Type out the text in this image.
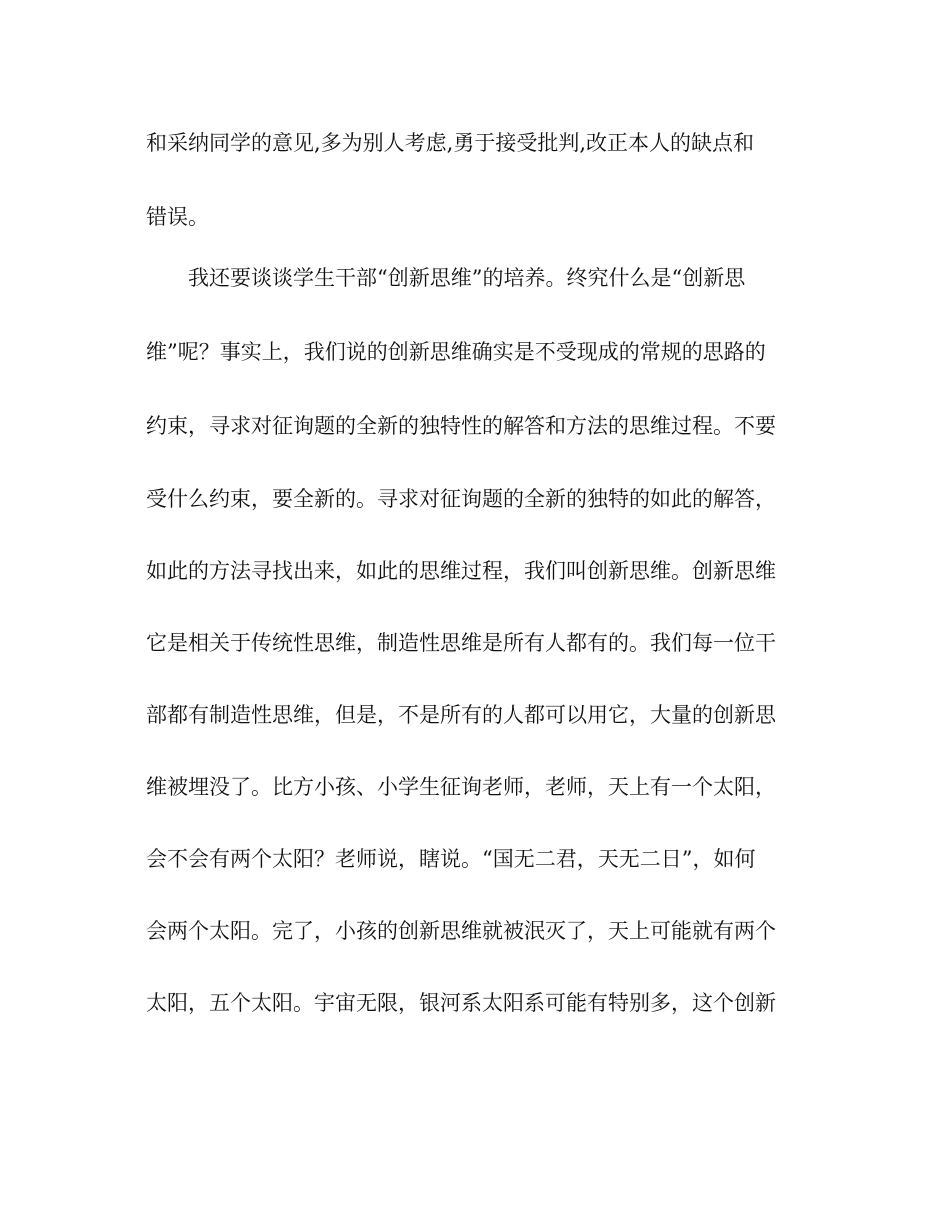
和采纳同学的意见,多为别人考虑,勇于接受批判,改正本人的缺点和

错误。

我还要谈谈学生干部“创新思维”的培养。终究什么是“创新思

维”呢？事实上，我们说的创新思维确实是不受现成的常规的思路的

约束，寻求对征询题的全新的独特性的解答和方法的思维过程。不要

受什么约束，要全新的。寻求对征询题的全新的独特的如此的解答，

如此的方法寻找出来，如此的思维过程，我们叫创新思维。创新思维

它是相关于传统性思维，制造性思维是所有人都有的。我们每一位干

部都有制造性思维，但是，不是所有的人都可以用它，大量的创新思

维被埋没了。比方小孩、小学生征询老师，老师，天上有一个太阳，

会不会有两个太阳？老师说，瞎说。“国无二君，天无二日”，如何

会两个太阳。完了，小孩的创新思维就被泯灭了，天上可能就有两个

太阳，五个太阳。宇宙无限，银河系太阳系可能有特别多，这个创新
